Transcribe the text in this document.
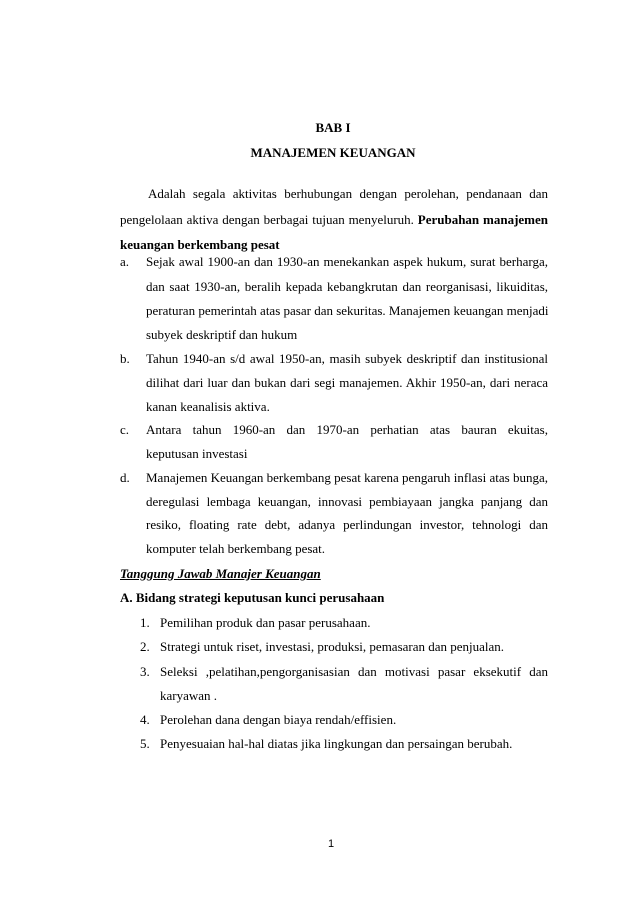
BAB I
MANAJEMEN KEUANGAN
Adalah segala aktivitas berhubungan dengan perolehan, pendanaan dan
pengelolaan aktiva dengan berbagai tujuan menyeluruh. Perubahan manajemen
keuangan berkembang pesat
a. Sejak awal 1900-an dan 1930-an menekankan aspek hukum, surat berharga,
dan saat 1930-an, beralih kepada kebangkrutan dan reorganisasi, likuiditas,
peraturan pemerintah atas pasar dan sekuritas. Manajemen keuangan menjadi
subyek deskriptif dan hukum
b. Tahun 1940-an s/d awal 1950-an, masih subyek deskriptif dan institusional
dilihat dari luar dan bukan dari segi manajemen. Akhir 1950-an, dari neraca
kanan keanalisis aktiva.
c. Antara tahun 1960-an dan 1970-an perhatian atas bauran ekuitas,
keputusan investasi
d. Manajemen Keuangan berkembang pesat karena pengaruh inflasi atas bunga,
deregulasi lembaga keuangan, innovasi pembiayaan jangka panjang dan
resiko, floating rate debt, adanya perlindungan investor, tehnologi dan
komputer telah berkembang pesat.
Tanggung Jawab Manajer Keuangan
A. Bidang strategi keputusan kunci perusahaan
1. Pemilihan produk dan pasar perusahaan.
2. Strategi untuk riset, investasi, produksi, pemasaran dan penjualan.
3. Seleksi ,pelatihan,pengorganisasian dan motivasi pasar eksekutif dan
karyawan .
4. Perolehan dana dengan biaya rendah/effisien.
5. Penyesuaian hal-hal diatas jika lingkungan dan persaingan berubah.
1
